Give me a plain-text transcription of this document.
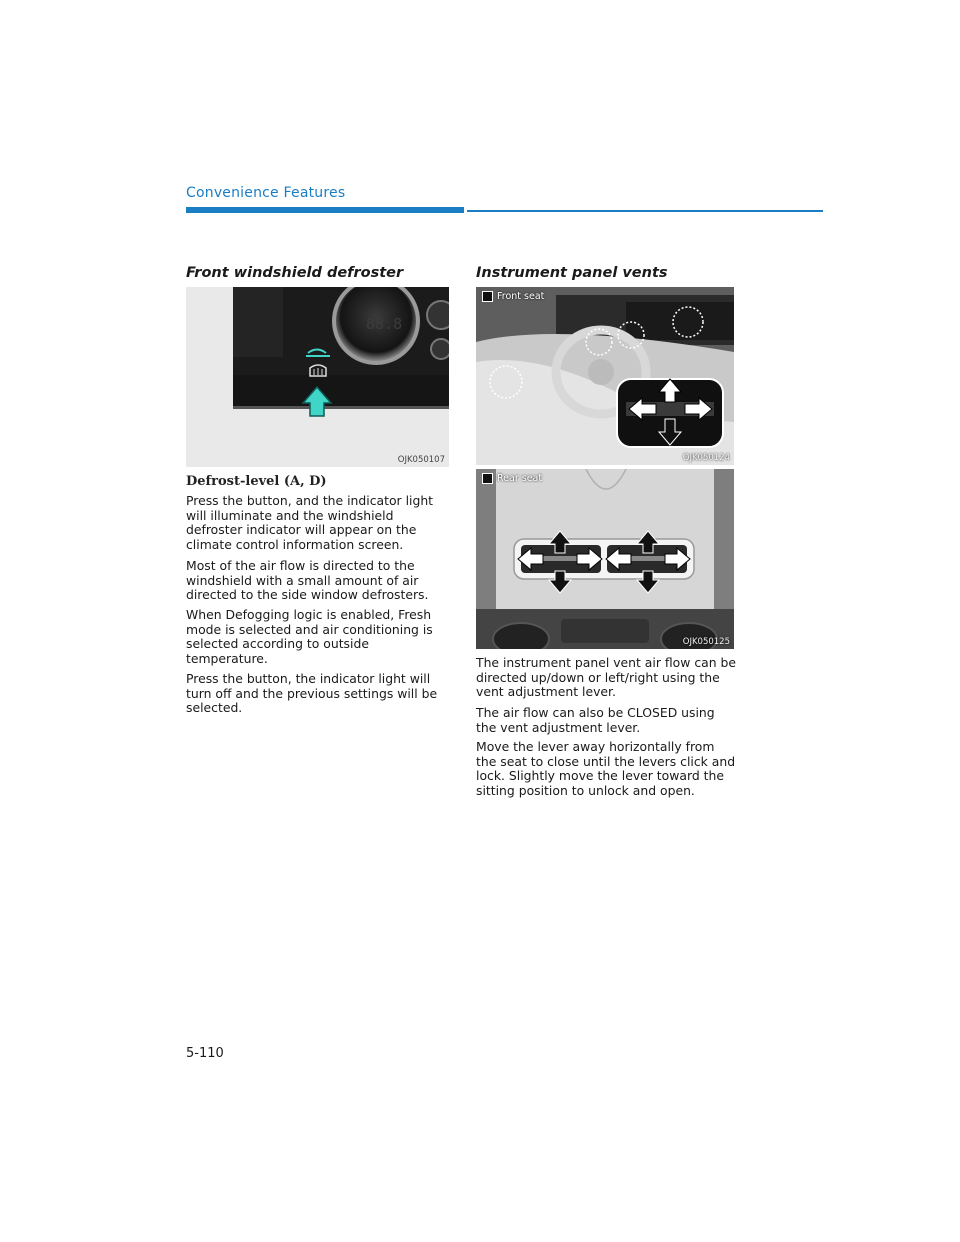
Convenience Features
Front windshield defroster
88.8
OJK050107
Defrost-level (A, D)

Press the button, and the indicator light will illuminate and the windshield defroster indicator will appear on the climate control information screen.

Most of the air flow is directed to the windshield with a small amount of air directed to the side window defrosters.

When Defogging logic is enabled, Fresh mode is selected and air conditioning is selected according to outside temperature.

Press the button, the indicator light will turn off and the previous settings will be selected.

Instrument panel vents
Front seat
OJK050124
Rear seat
OJK050125

The instrument panel vent air flow can be directed up/down or left/right using the vent adjustment lever.

The air flow can also be CLOSED using the vent adjustment lever.

Move the lever away horizontally from the seat to close until the levers click and lock. Slightly move the lever toward the sitting position to unlock and open.

5-110
